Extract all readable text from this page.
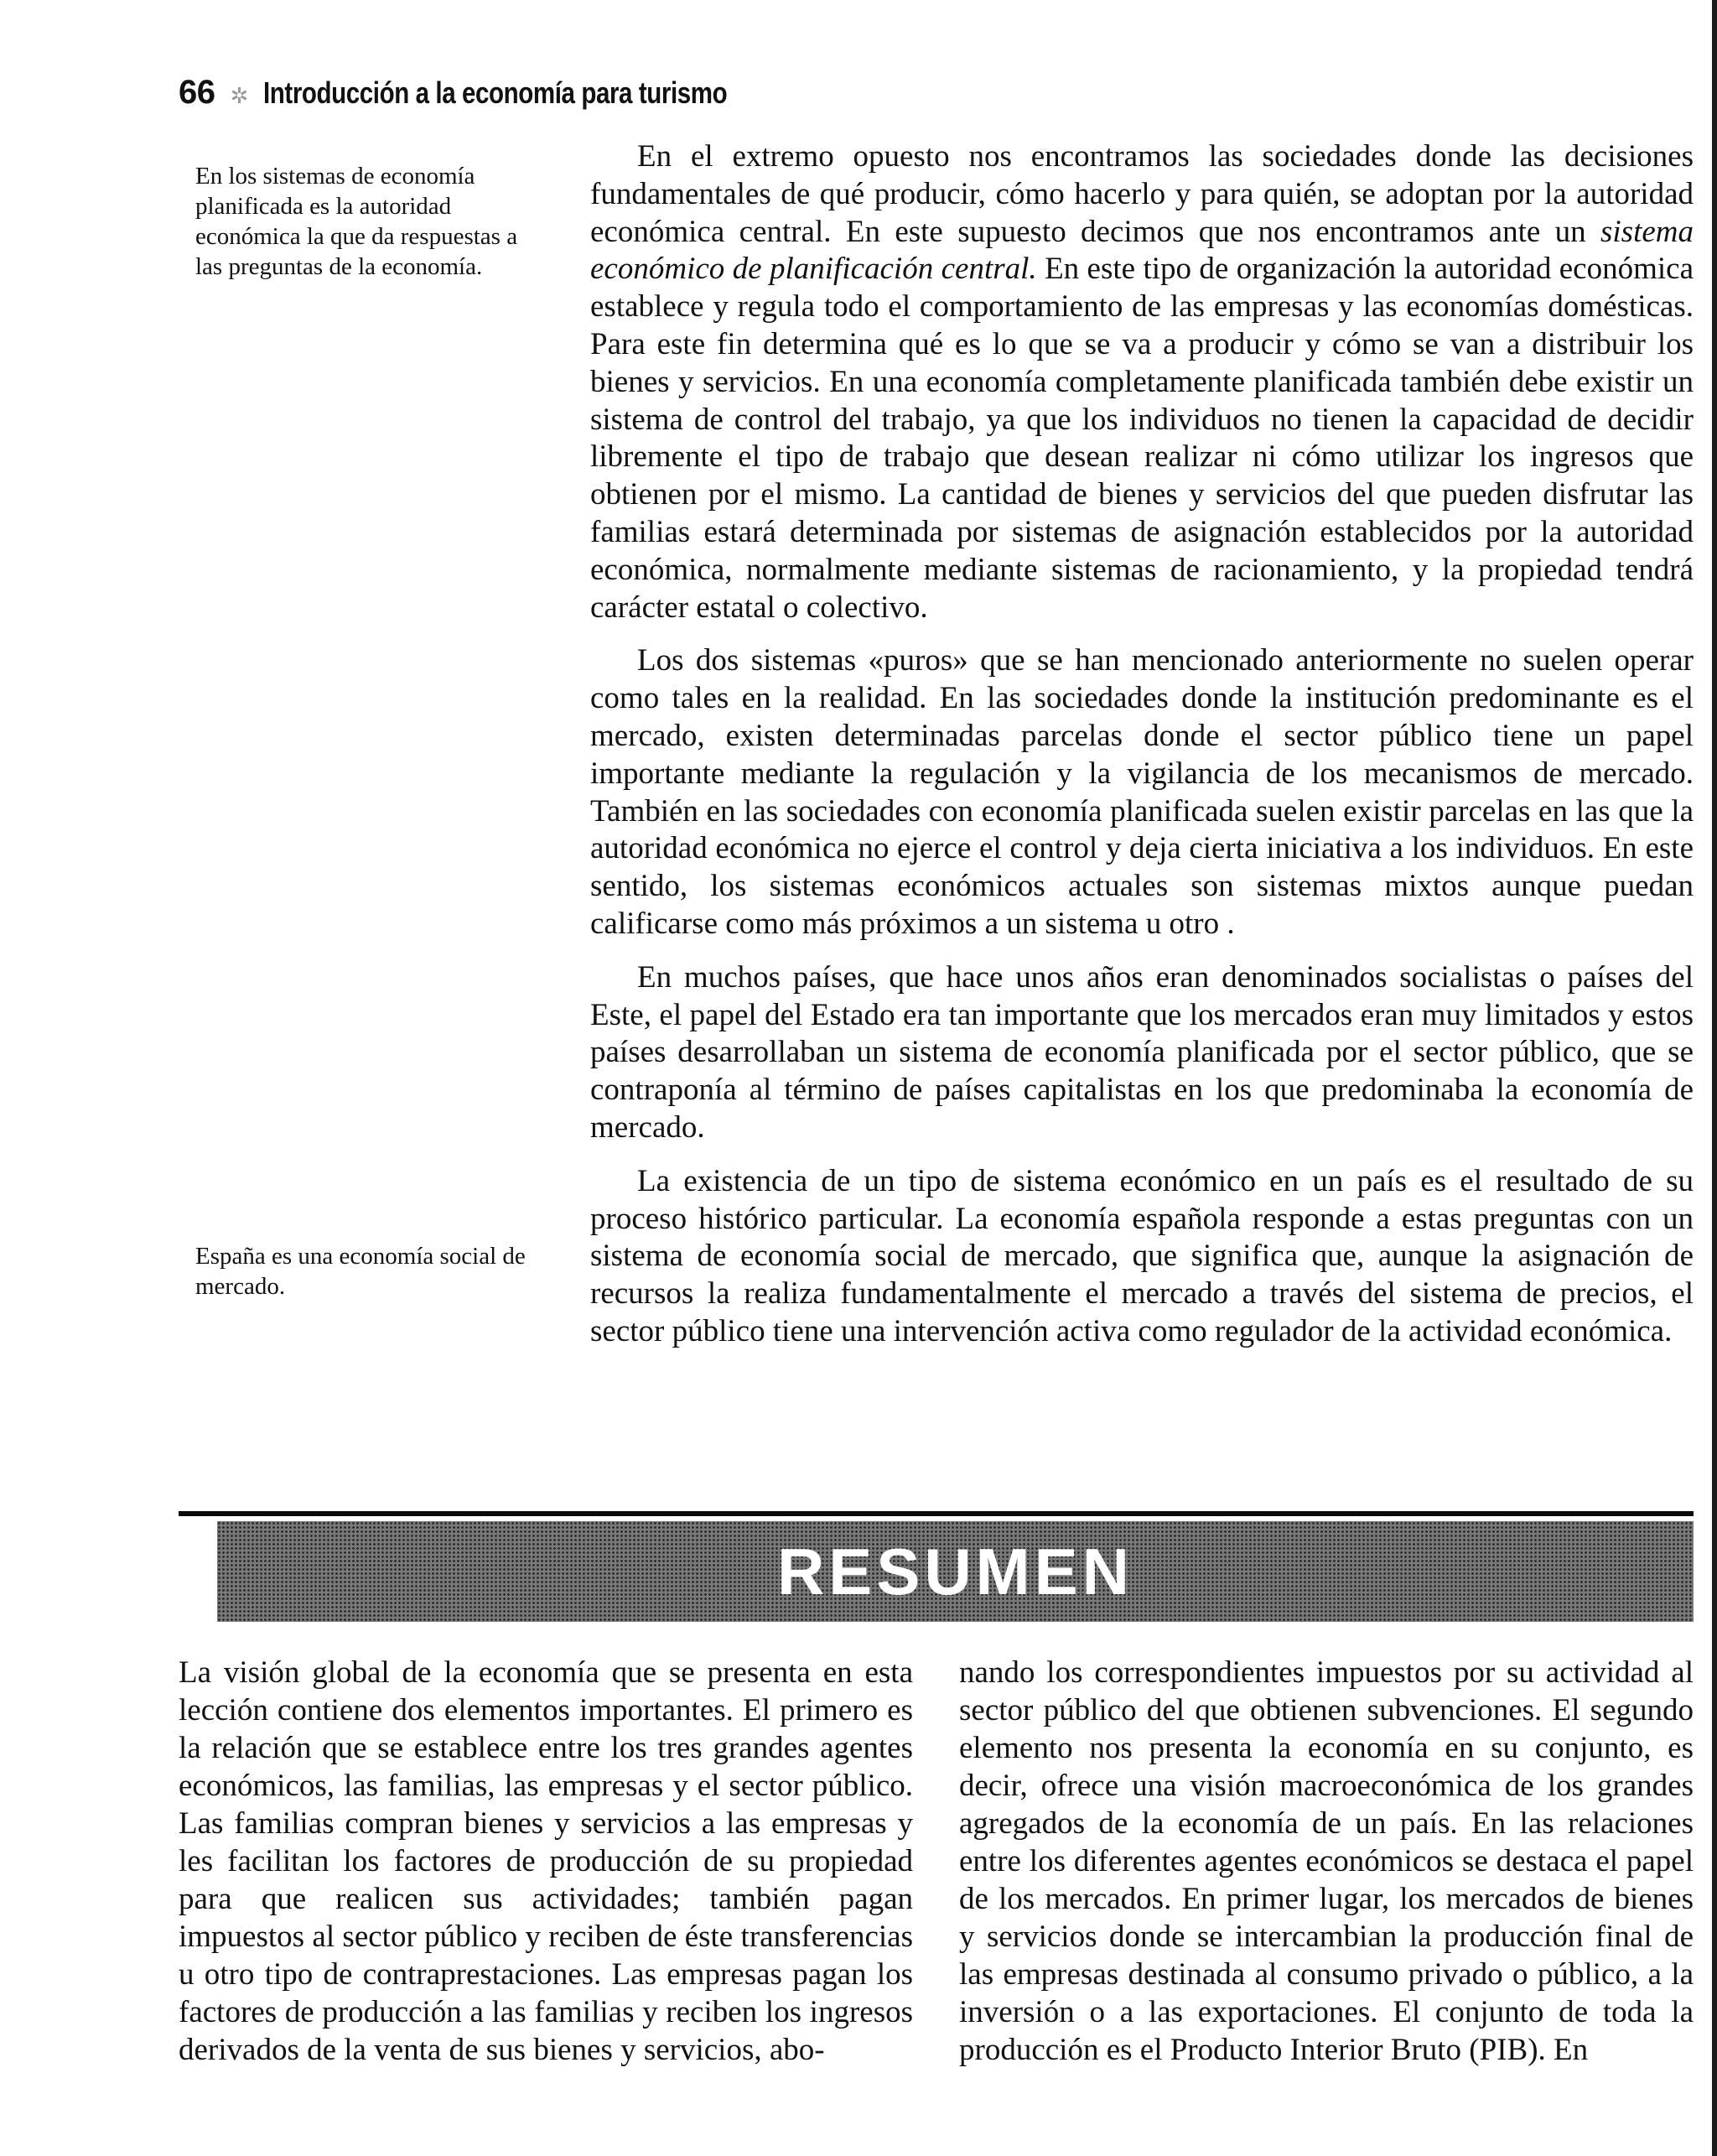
66 ✲ Introducción a la economía para turismo
En los sistemas de economía planificada es la autoridad económica la que da respuestas a las preguntas de la economía.
España es una economía social de mercado.

En el extremo opuesto nos encontramos las sociedades donde las decisiones fundamentales de qué producir, cómo hacerlo y para quién, se adoptan por la autoridad económica central. En este supuesto decimos que nos encontramos ante un sistema económico de planificación central. En este tipo de organización la autoridad económica establece y regula todo el comportamiento de las empresas y las economías domésticas. Para este fin determina qué es lo que se va a producir y cómo se van a distribuir los bienes y servicios. En una economía completamente planificada también debe existir un sistema de control del trabajo, ya que los individuos no tienen la capacidad de decidir libremente el tipo de trabajo que desean realizar ni cómo utilizar los ingresos que obtienen por el mismo. La cantidad de bienes y servicios del que pueden disfrutar las familias estará determinada por sistemas de asignación establecidos por la autoridad económica, normalmente mediante sistemas de racionamiento, y la propiedad tendrá carácter estatal o colectivo.

Los dos sistemas «puros» que se han mencionado anteriormente no suelen operar como tales en la realidad. En las sociedades donde la institución predominante es el mercado, existen determinadas parcelas donde el sector público tiene un papel importante mediante la regulación y la vigilancia de los mecanismos de mercado. También en las sociedades con economía planificada suelen existir parcelas en las que la autoridad económica no ejerce el control y deja cierta iniciativa a los individuos. En este sentido, los sistemas económicos actuales son sistemas mixtos aunque puedan calificarse como más próximos a un sistema u otro .

En muchos países, que hace unos años eran denominados socialistas o países del Este, el papel del Estado era tan importante que los mercados eran muy limitados y estos países desarrollaban un sistema de economía planificada por el sector público, que se contraponía al término de países capitalistas en los que predominaba la economía de mercado.

La existencia de un tipo de sistema económico en un país es el resultado de su proceso histórico particular. La economía española responde a estas preguntas con un sistema de economía social de mercado, que significa que, aunque la asignación de recursos la realiza fundamentalmente el mercado a través del sistema de precios, el sector público tiene una intervención activa como regulador de la actividad económica.

RESUMEN

La visión global de la economía que se presenta en esta lección contiene dos elementos importantes. El primero es la relación que se establece entre los tres grandes agentes económicos, las familias, las empresas y el sector público. Las familias compran bienes y servicios a las empresas y les facilitan los factores de producción de su propiedad para que realicen sus actividades; también pagan impuestos al sector público y reciben de éste transferencias u otro tipo de contraprestaciones. Las empresas pagan los factores de producción a las familias y reciben los ingresos derivados de la venta de sus bienes y servicios, abo-

nando los correspondientes impuestos por su actividad al sector público del que obtienen subvenciones. El segundo elemento nos presenta la economía en su conjunto, es decir, ofrece una visión macroeconómica de los grandes agregados de la economía de un país. En las relaciones entre los diferentes agentes económicos se destaca el papel de los mercados. En primer lugar, los mercados de bienes y servicios donde se intercambian la producción final de las empresas destinada al consumo privado o público, a la inversión o a las exportaciones. El conjunto de toda la producción es el Producto Interior Bruto (PIB). En
